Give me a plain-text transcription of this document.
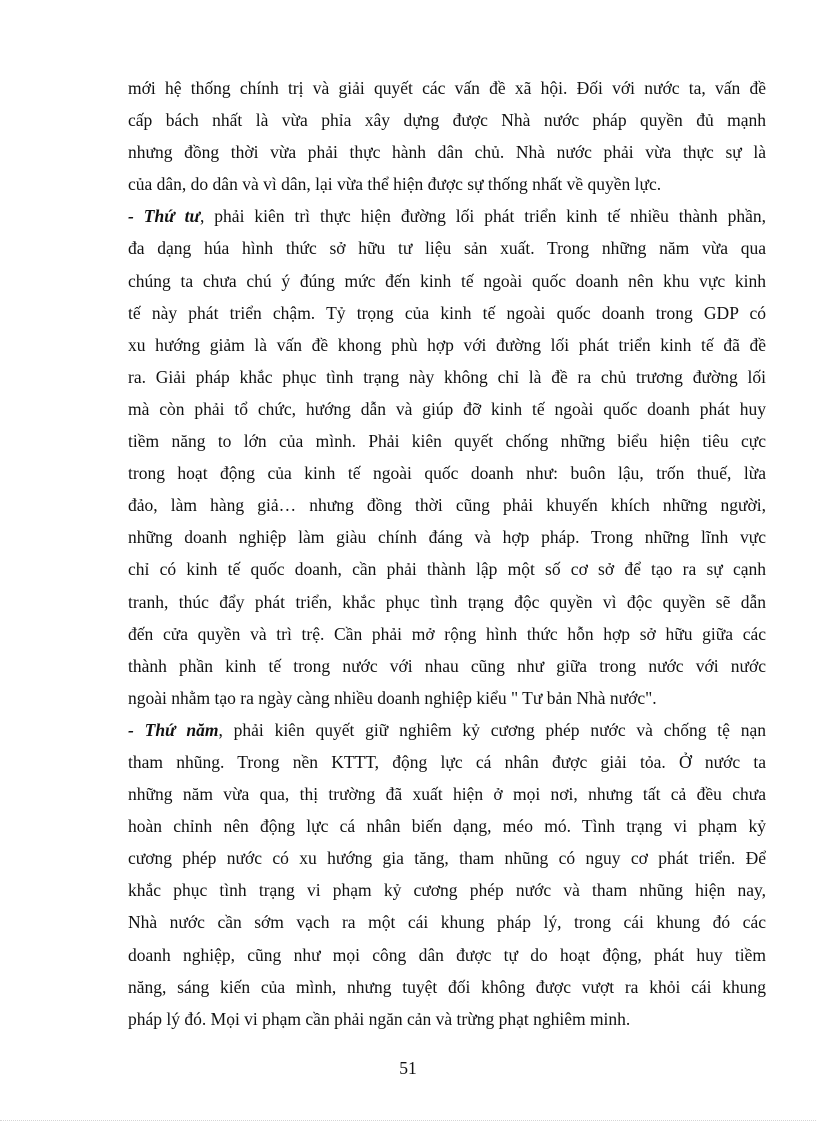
mới hệ thống chính trị và giải quyết các vấn đề xã hội. Đối với nước ta, vấn đề
cấp bách nhất là vừa phỉa xây dựng được Nhà nước pháp quyền đủ mạnh
nhưng đồng thời vừa phải thực hành dân chủ. Nhà nước phải vừa thực sự là
của dân, do dân và vì dân, lại vừa thể hiện được sự thống nhất về quyền lực.
- Thứ tư, phải kiên trì thực hiện đường lối phát triển kinh tế nhiều thành phần,
đa dạng húa hình thức sở hữu tư liệu sản xuất. Trong những năm vừa qua
chúng ta chưa chú ý đúng mức đến kinh tế ngoài quốc doanh nên khu vực kinh
tế này phát triển chậm. Tỷ trọng của kinh tế ngoài quốc doanh trong GDP có
xu hướng giảm là vấn đề khong phù hợp với đường lối phát triển kinh tế đã đề
ra. Giải pháp khắc phục tình trạng này không chỉ là đề ra chủ trương đường lối
mà còn phải tổ chức, hướng dẫn và giúp đỡ kinh tế ngoài quốc doanh phát huy
tiềm năng to lớn của mình. Phải kiên quyết chống những biểu hiện tiêu cực
trong hoạt động của kinh tế ngoài quốc doanh như: buôn lậu, trốn thuế, lừa
đảo, làm hàng giả… nhưng đồng thời cũng phải khuyến khích những người,
những doanh nghiệp làm giàu chính đáng và hợp pháp. Trong những lĩnh vực
chỉ có kinh tế quốc doanh, cần phải thành lập một số cơ sở để tạo ra sự cạnh
tranh, thúc đẩy phát triển, khắc phục tình trạng độc quyền vì độc quyền sẽ dẫn
đến cửa quyền và trì trệ. Cần phải mở rộng hình thức hỗn hợp sở hữu giữa các
thành phần kinh tế trong nước với nhau cũng như giữa trong nước với nước
ngoài nhằm tạo ra ngày càng nhiều doanh nghiệp kiểu " Tư bản Nhà nước".
- Thứ năm, phải kiên quyết giữ nghiêm kỷ cương phép nước và chống tệ nạn
tham nhũng. Trong nền KTTT, động lực cá nhân được giải tỏa. Ở nước ta
những năm vừa qua, thị trường đã xuất hiện ở mọi nơi, nhưng tất cả đều chưa
hoàn chỉnh nên động lực cá nhân biến dạng, méo mó. Tình trạng vi phạm kỷ
cương phép nước có xu hướng gia tăng, tham nhũng có nguy cơ phát triển. Để
khắc phục tình trạng vi phạm kỷ cương phép nước và tham nhũng hiện nay,
Nhà nước cần sớm vạch ra một cái khung pháp lý, trong cái khung đó các
doanh nghiệp, cũng như mọi công dân được tự do hoạt động, phát huy tiềm
năng, sáng kiến của mình, nhưng tuyệt đối không được vượt ra khỏi cái khung
pháp lý đó. Mọi vi phạm cần phải ngăn cản và trừng phạt nghiêm minh.
51
